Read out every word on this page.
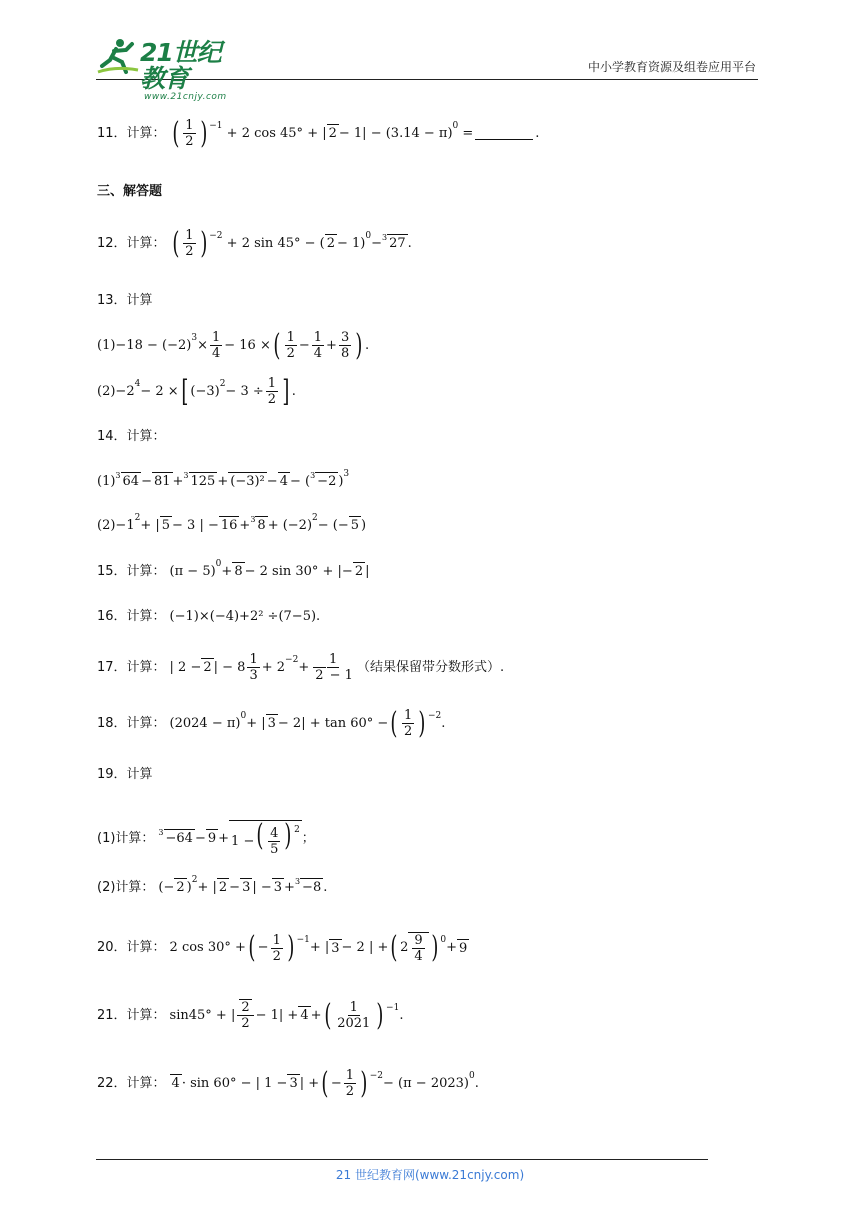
21世纪教育
www.21cnjy.com
中小学教育资源及组卷应用平台
11．计算： ( $\frac{1}{2}$ ) −1 + 2 cos 45° + | 2 − 1| − (3.14 − π) 0
=	.
三、解答题
12．计算： ( $\frac{1}{2}$ ) −2 + 2 sin 45° − ( 2 − 1) 0 − 3 27 .
13．计算
(1) −18 − (−2) $3 \times \frac{1}{4} - 16$ × ( $\frac{1}{2} - \frac{1}{4} + \frac{3}{8}$ ) .
(2) −2 4 − 2 × [ (−3) $2 - 3 \div \frac{1}{2}$ ] .
14．计算：
(1) 3 64 − 81 + 3 125 + (−3)² − 4 − ( 3 −2 ) 3
(2) −1 2 + | 5 − 3 | − 16 + 3 8 + (−2) 2 − (− 5 )
15．计算： (π − 5) 0 + 8 − 2 sin 30° + |− 2 |
16．计算： (−1)×(−4)+2² ÷(7−5).
17．计算： | 2 − 2 | − $8 \frac{1}{3} + 2 -2 + \frac{1}{2 - 1}$ （结果保留带分数形式）.
18．计算： (2024 − π) 0 + | 3 − 2| + tan 60° − ( $\frac{1}{2}$ ) −2 .
19．计算
(1)计算： 3 −64 − 9 + 1 −( $\frac{4}{5}$ ) $^2$
；
(2)计算： (− 2 ) 2 + | 2 − 3 | − 3 + 3 −8 .
20．计算： 2 cos 30° + ( − $\frac{1}{2}$ ) −1 + | 3 − 2 | + ( $2 \frac{9}{4}$ ) 0 + 9
21．计算： sin45° + | $\frac{2}{2} - 1| + 4$ + ( $\frac{1}{2021}$ ) −1 .
22．计算： 4 · sin 60° − | 1 − 3 | + ( − $\frac{1}{2}$ ) −2 − (π − 2023) 0 .
21 世纪教育网(www.21cnjy.com)
